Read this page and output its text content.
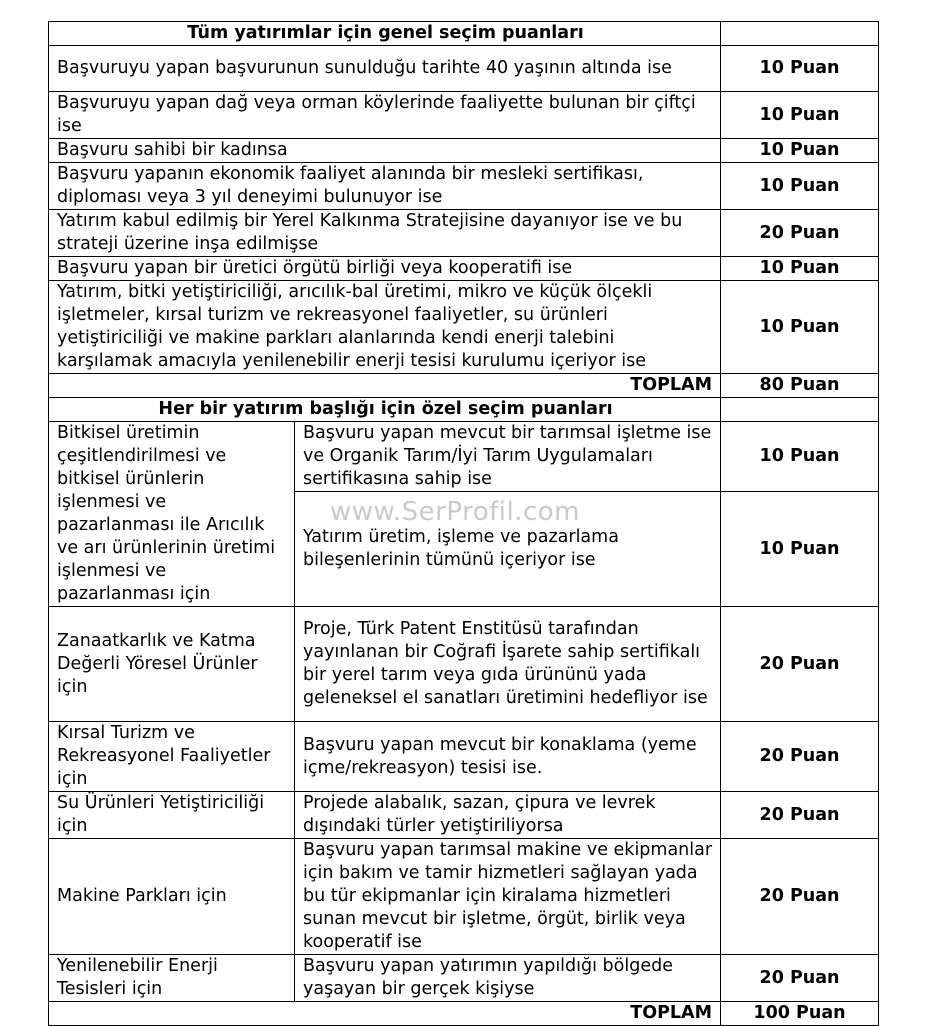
Tüm yatırımlar için genel seçim puanları		
Başvuruyu yapan başvurunun sunulduğu tarihte 40 yaşının altında ise		10 Puan
Başvuruyu yapan dağ veya orman köylerinde faaliyette bulunan bir çiftçi ise		10 Puan
Başvuru sahibi bir kadınsa		10 Puan
Başvuru yapanın ekonomik faaliyet alanında bir mesleki sertifikası, diploması veya 3 yıl deneyimi bulunuyor ise		10 Puan
Yatırım kabul edilmiş bir Yerel Kalkınma Stratejisine dayanıyor ise ve bu strateji üzerine inşa edilmişse		20 Puan
Başvuru yapan bir üretici örgütü birliği veya kooperatifi ise		10 Puan
Yatırım, bitki yetiştiriciliği, arıcılık-bal üretimi, mikro ve küçük ölçekli işletmeler, kırsal turizm ve rekreasyonel faaliyetler, su ürünleri yetiştiriciliği ve makine parkları alanlarında kendi enerji talebini karşılamak amacıyla yenilenebilir enerji tesisi kurulumu içeriyor ise		10 Puan
TOPLAM		80 Puan
Her bir yatırım başlığı için özel seçim puanları		
Bitkisel üretimin çeşitlendirilmesi ve bitkisel ürünlerin işlenmesi ve pazarlanması ile Arıcılık ve arı ürünlerinin üretimi işlenmesi ve pazarlanması için	Başvuru yapan mevcut bir tarımsal işletme ise ve Organik Tarım/İyi Tarım Uygulamaları sertifikasına sahip ise	10 Puan
	Yatırım üretim, işleme ve pazarlama bileşenlerinin tümünü içeriyor ise	10 Puan
Zanaatkarlık ve Katma Değerli Yöresel Ürünler için	Proje, Türk Patent Enstitüsü tarafından yayınlanan bir Coğrafi İşarete sahip sertifikalı bir yerel tarım veya gıda ürününü yada geleneksel el sanatları üretimini hedefliyor ise	20 Puan
Kırsal Turizm ve Rekreasyonel Faaliyetler için	Başvuru yapan mevcut bir konaklama (yeme içme/rekreasyon) tesisi ise.	20 Puan
Su Ürünleri Yetiştiriciliği için	Projede alabalık, sazan, çipura ve levrek dışındaki türler yetiştiriliyorsa	20 Puan
Makine Parkları için	Başvuru yapan tarımsal makine ve ekipmanlar için bakım ve tamir hizmetleri sağlayan yada bu tür ekipmanlar için kiralama hizmetleri sunan mevcut bir işletme, örgüt, birlik veya kooperatif ise	20 Puan
Yenilenebilir Enerji Tesisleri için	Başvuru yapan yatırımın yapıldığı bölgede yaşayan bir gerçek kişiyse	20 Puan
TOPLAM		100 Puan
www.SerProfil.com
